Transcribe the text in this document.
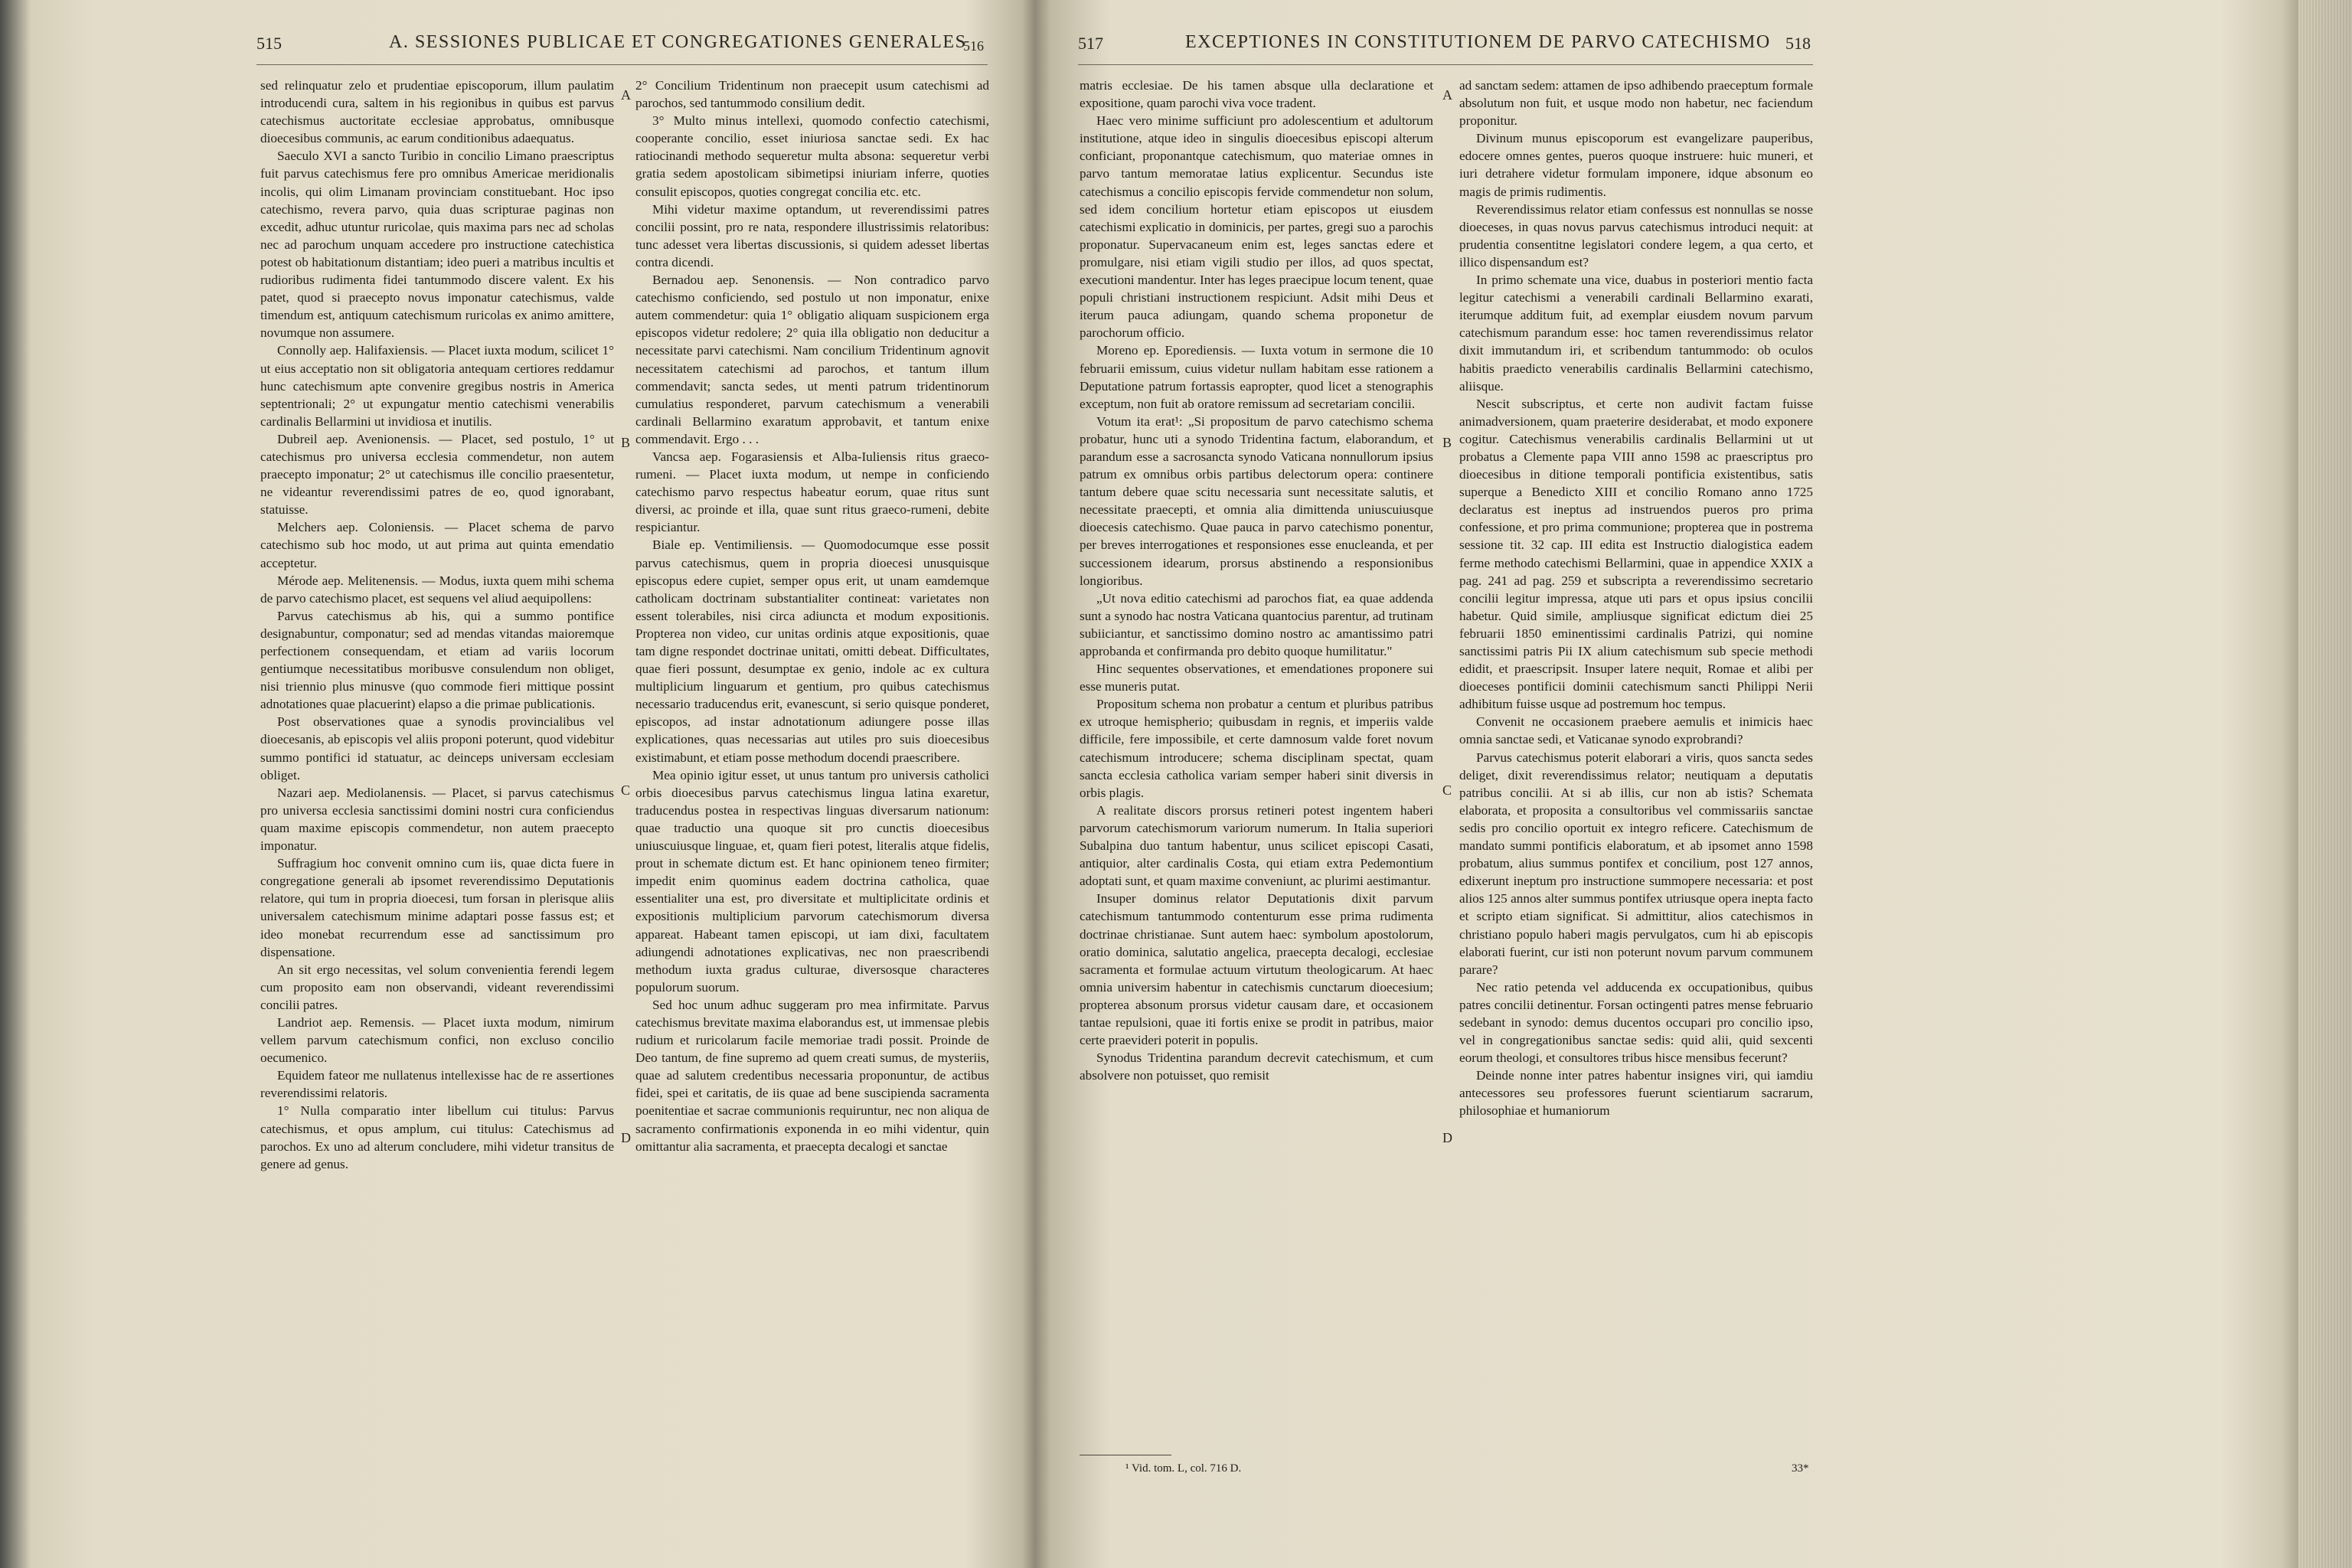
515	A. SESSIONES PUBLICAE ET CONGREGATIONES GENERALES
516

sed relinquatur zelo et prudentiae episcoporum, illum paulatim introducendi cura, saltem in his regionibus in quibus est parvus catechismus auctoritate ecclesiae approbatus, omnibusque dioecesibus communis, ac earum conditionibus adaequatus.

Saeculo XVI a sancto Turibio in concilio Limano praescriptus fuit parvus catechismus fere pro omnibus Americae meridionalis incolis, qui olim Limanam provinciam constituebant. Hoc ipso catechismo, revera parvo, quia duas scripturae paginas non excedit, adhuc utuntur ruricolae, quis maxima pars nec ad scholas nec ad parochum unquam accedere pro instructione catechistica potest ob habitationum distantiam; ideo pueri a matribus incultis et rudioribus rudimenta fidei tantummodo discere valent. Ex his patet, quod si praecepto novus imponatur catechismus, valde timendum est, antiquum catechismum ruricolas ex animo amittere, novumque non assumere.

Connolly aep. Halifaxiensis. — Placet iuxta modum, scilicet 1° ut eius acceptatio non sit obligatoria antequam certiores reddamur hunc catechismum apte convenire gregibus nostris in America septentrionali; 2° ut expungatur mentio catechismi venerabilis cardinalis Bellarmini ut invidiosa et inutilis.

Dubreil aep. Avenionensis. — Placet, sed postulo, 1° ut catechismus pro universa ecclesia commendetur, non autem praecepto imponatur; 2° ut catechismus ille concilio praesentetur, ne videantur reverendissimi patres de eo, quod ignorabant, statuisse.

Melchers aep. Coloniensis. — Placet schema de parvo catechismo sub hoc modo, ut aut prima aut quinta emendatio acceptetur.

Mérode aep. Melitenensis. — Modus, iuxta quem mihi schema de parvo catechismo placet, est sequens vel aliud aequipollens:

Parvus catechismus ab his, qui a summo pontifice designabuntur, componatur; sed ad mendas vitandas maioremque perfectionem consequendam, et etiam ad variis locorum gentiumque necessitatibus moribusve consulendum non obliget, nisi triennio plus minusve (quo commode fieri mittique possint adnotationes quae placuerint) elapso a die primae publicationis.

Post observationes quae a synodis provincialibus vel dioecesanis, ab episcopis vel aliis proponi poterunt, quod videbitur summo pontifici id statuatur, ac deinceps universam ecclesiam obliget.

Nazari aep. Mediolanensis. — Placet, si parvus catechismus pro universa ecclesia sanctissimi domini nostri cura conficiendus quam maxime episcopis commendetur, non autem praecepto imponatur.

Suffragium hoc convenit omnino cum iis, quae dicta fuere in congregatione generali ab ipsomet reverendissimo Deputationis relatore, qui tum in propria dioecesi, tum forsan in plerisque aliis universalem catechismum minime adaptari posse fassus est; et ideo monebat recurrendum esse ad sanctissimum pro dispensatione.

An sit ergo necessitas, vel solum convenientia ferendi legem cum proposito eam non observandi, videant reverendissimi concilii patres.

Landriot aep. Remensis. — Placet iuxta modum, nimirum vellem parvum catechismum confici, non excluso concilio oecumenico.

Equidem fateor me nullatenus intellexisse hac de re assertiones reverendissimi relatoris.

1° Nulla comparatio inter libellum cui titulus: Parvus catechismus, et opus amplum, cui titulus: Catechismus ad parochos. Ex uno ad alterum concludere, mihi videtur transitus de genere ad genus.

2° Concilium Tridentinum non praecepit usum catechismi ad parochos, sed tantummodo consilium dedit.

3° Multo minus intellexi, quomodo confectio catechismi, cooperante concilio, esset iniuriosa sanctae sedi. Ex hac ratiocinandi methodo sequeretur multa absona: sequeretur verbi gratia sedem apostolicam sibimetipsi iniuriam inferre, quoties consulit episcopos, quoties congregat concilia etc. etc.

Mihi videtur maxime optandum, ut reverendissimi patres concilii possint, pro re nata, respondere illustrissimis relatoribus: tunc adesset vera libertas discussionis, si quidem adesset libertas contra dicendi.

Bernadou aep. Senonensis. — Non contradico parvo catechismo conficiendo, sed postulo ut non imponatur, enixe autem commendetur: quia 1° obligatio aliquam suspicionem erga episcopos videtur redolere; 2° quia illa obligatio non deducitur a necessitate parvi catechismi. Nam concilium Tridentinum agnovit necessitatem catechismi ad parochos, et tantum illum commendavit; sancta sedes, ut menti patrum tridentinorum cumulatius responderet, parvum catechismum a venerabili cardinali Bellarmino exaratum approbavit, et tantum enixe commendavit. Ergo . . .

Vancsa aep. Fogarasiensis et Alba-Iuliensis ritus graeco-rumeni. — Placet iuxta modum, ut nempe in conficiendo catechismo parvo respectus habeatur eorum, quae ritus sunt diversi, ac proinde et illa, quae sunt ritus graeco-rumeni, debite respiciantur.

Biale ep. Ventimiliensis. — Quomodocumque esse possit parvus catechismus, quem in propria dioecesi unusquisque episcopus edere cupiet, semper opus erit, ut unam eamdemque catholicam doctrinam substantialiter contineat: varietates non essent tolerabiles, nisi circa adiuncta et modum expositionis. Propterea non video, cur unitas ordinis atque expositionis, quae tam digne respondet doctrinae unitati, omitti debeat. Difficultates, quae fieri possunt, desumptae ex genio, indole ac ex cultura multiplicium linguarum et gentium, pro quibus catechismus necessario traducendus erit, evanescunt, si serio quisque ponderet, episcopos, ad instar adnotationum adiungere posse illas explicationes, quas necessarias aut utiles pro suis dioecesibus existimabunt, et etiam posse methodum docendi praescribere.

Mea opinio igitur esset, ut unus tantum pro universis catholici orbis dioecesibus parvus catechismus lingua latina exaretur, traducendus postea in respectivas linguas diversarum nationum: quae traductio una quoque sit pro cunctis dioecesibus uniuscuiusque linguae, et, quam fieri potest, literalis atque fidelis, prout in schemate dictum est. Et hanc opinionem teneo firmiter; impedit enim quominus eadem doctrina catholica, quae essentialiter una est, pro diversitate et multiplicitate ordinis et expositionis multiplicium parvorum catechismorum diversa appareat. Habeant tamen episcopi, ut iam dixi, facultatem adiungendi adnotationes explicativas, nec non praescribendi methodum iuxta gradus culturae, diversosque characteres populorum suorum.

Sed hoc unum adhuc suggeram pro mea infirmitate. Parvus catechismus brevitate maxima elaborandus est, ut immensae plebis rudium et ruricolarum facile memoriae tradi possit. Proinde de Deo tantum, de fine supremo ad quem creati sumus, de mysteriis, quae ad salutem credentibus necessaria proponuntur, de actibus fidei, spei et caritatis, de iis quae ad bene suscipienda sacramenta poenitentiae et sacrae communionis requiruntur, nec non aliqua de sacramento confirmationis exponenda in eo mihi videntur, quin omittantur alia sacramenta, et praecepta decalogi et sanctae

A
B
C
D
517	EXCEPTIONES IN CONSTITUTIONEM DE PARVO CATECHISMO 518

matris ecclesiae. De his tamen absque ulla declaratione et expositione, quam parochi viva voce tradent.

Haec vero minime sufficiunt pro adolescentium et adultorum institutione, atque ideo in singulis dioecesibus episcopi alterum conficiant, proponantque catechismum, quo materiae omnes in parvo tantum memoratae latius explicentur. Secundus iste catechismus a concilio episcopis fervide commendetur non solum, sed idem concilium hortetur etiam episcopos ut eiusdem catechismi explicatio in dominicis, per partes, gregi suo a parochis proponatur. Supervacaneum enim est, leges sanctas edere et promulgare, nisi etiam vigili studio per illos, ad quos spectat, executioni mandentur. Inter has leges praecipue locum tenent, quae populi christiani instructionem respiciunt. Adsit mihi Deus et iterum pauca adiungam, quando schema proponetur de parochorum officio.

Moreno ep. Eporediensis. — Iuxta votum in sermone die 10 februarii emissum, cuius videtur nullam habitam esse rationem a Deputatione patrum fortassis eapropter, quod licet a stenographis exceptum, non fuit ab oratore remissum ad secretariam concilii.

Votum ita erat¹: „Si propositum de parvo catechismo schema probatur, hunc uti a synodo Tridentina factum, elaborandum, et parandum esse a sacrosancta synodo Vaticana nonnullorum ipsius patrum ex omnibus orbis partibus delectorum opera: continere tantum debere quae scitu necessaria sunt necessitate salutis, et necessitate praecepti, et omnia alia dimittenda uniuscuiusque dioecesis catechismo. Quae pauca in parvo catechismo ponentur, per breves interrogationes et responsiones esse enucleanda, et per successionem idearum, prorsus abstinendo a responsionibus longioribus.

„Ut nova editio catechismi ad parochos fiat, ea quae addenda sunt a synodo hac nostra Vaticana quantocius parentur, ad trutinam subiiciantur, et sanctissimo domino nostro ac amantissimo patri approbanda et confirmanda pro debito quoque humilitatur."

Hinc sequentes observationes, et emendationes proponere sui esse muneris putat.

Propositum schema non probatur a centum et pluribus patribus ex utroque hemispherio; quibusdam in regnis, et imperiis valde difficile, fere impossibile, et certe damnosum valde foret novum catechismum introducere; schema disciplinam spectat, quam sancta ecclesia catholica variam semper haberi sinit diversis in orbis plagis.

A realitate discors prorsus retineri potest ingentem haberi parvorum catechismorum variorum numerum. In Italia superiori Subalpina duo tantum habentur, unus scilicet episcopi Casati, antiquior, alter cardinalis Costa, qui etiam extra Pedemontium adoptati sunt, et quam maxime conveniunt, ac plurimi aestimantur.

Insuper dominus relator Deputationis dixit parvum catechismum tantummodo contenturum esse prima rudimenta doctrinae christianae. Sunt autem haec: symbolum apostolorum, oratio dominica, salutatio angelica, praecepta decalogi, ecclesiae sacramenta et formulae actuum virtutum theologicarum. At haec omnia universim habentur in catechismis cunctarum dioecesium; propterea absonum prorsus videtur causam dare, et occasionem tantae repulsioni, quae iti fortis enixe se prodit in patribus, maior certe praevideri poterit in populis.

Synodus Tridentina parandum decrevit catechismum, et cum absolvere non potuisset, quo remisit

ad sanctam sedem: attamen de ipso adhibendo praeceptum formale absolutum non fuit, et usque modo non habetur, nec faciendum proponitur.

Divinum munus episcoporum est evangelizare pauperibus, edocere omnes gentes, pueros quoque instruere: huic muneri, et iuri detrahere videtur formulam imponere, idque absonum eo magis de primis rudimentis.

Reverendissimus relator etiam confessus est nonnullas se nosse dioeceses, in quas novus parvus catechismus introduci nequit: at prudentia consentitne legislatori condere legem, a qua certo, et illico dispensandum est?

In primo schemate una vice, duabus in posteriori mentio facta legitur catechismi a venerabili cardinali Bellarmino exarati, iterumque additum fuit, ad exemplar eiusdem novum parvum catechismum parandum esse: hoc tamen reverendissimus relator dixit immutandum iri, et scribendum tantummodo: ob oculos habitis praedicto venerabilis cardinalis Bellarmini catechismo, aliisque.

Nescit subscriptus, et certe non audivit factam fuisse animadversionem, quam praeterire desiderabat, et modo exponere cogitur. Catechismus venerabilis cardinalis Bellarmini ut ut probatus a Clemente papa VIII anno 1598 ac praescriptus pro dioecesibus in ditione temporali pontificia existentibus, satis superque a Benedicto XIII et concilio Romano anno 1725 declaratus est ineptus ad instruendos pueros pro prima confessione, et pro prima communione; propterea que in postrema sessione tit. 32 cap. III edita est Instructio dialogistica eadem ferme methodo catechismi Bellarmini, quae in appendice XXIX a pag. 241 ad pag. 259 et subscripta a reverendissimo secretario concilii legitur impressa, atque uti pars et opus ipsius concilii habetur. Quid simile, ampliusque significat edictum diei 25 februarii 1850 eminentissimi cardinalis Patrizi, qui nomine sanctissimi patris Pii IX alium catechismum sub specie methodi edidit, et praescripsit. Insuper latere nequit, Romae et alibi per dioeceses pontificii dominii catechismum sancti Philippi Nerii adhibitum fuisse usque ad postremum hoc tempus.

Convenit ne occasionem praebere aemulis et inimicis haec omnia sanctae sedi, et Vaticanae synodo exprobrandi?

Parvus catechismus poterit elaborari a viris, quos sancta sedes deliget, dixit reverendissimus relator; neutiquam a deputatis patribus concilii. At si ab illis, cur non ab istis? Schemata elaborata, et proposita a consultoribus vel commissariis sanctae sedis pro concilio oportuit ex integro reficere. Catechismum de mandato summi pontificis elaboratum, et ab ipsomet anno 1598 probatum, alius summus pontifex et concilium, post 127 annos, edixerunt ineptum pro instructione summopere necessaria: et post alios 125 annos alter summus pontifex utriusque opera inepta facto et scripto etiam significat. Si admittitur, alios catechismos in christiano populo haberi magis pervulgatos, cum hi ab episcopis elaborati fuerint, cur isti non poterunt novum parvum communem parare?

Nec ratio petenda vel adducenda ex occupationibus, quibus patres concilii detinentur. Forsan octingenti patres mense februario sedebant in synodo: demus ducentos occupari pro concilio ipso, vel in congregationibus sanctae sedis: quid alii, quid sexcenti eorum theologi, et consultores tribus hisce mensibus fecerunt?

Deinde nonne inter patres habentur insignes viri, qui iamdiu antecessores seu professores fuerunt scientiarum sacrarum, philosophiae et humaniorum

A
B
C
D
¹ Vid. tom. L, col. 716 D.	33*
